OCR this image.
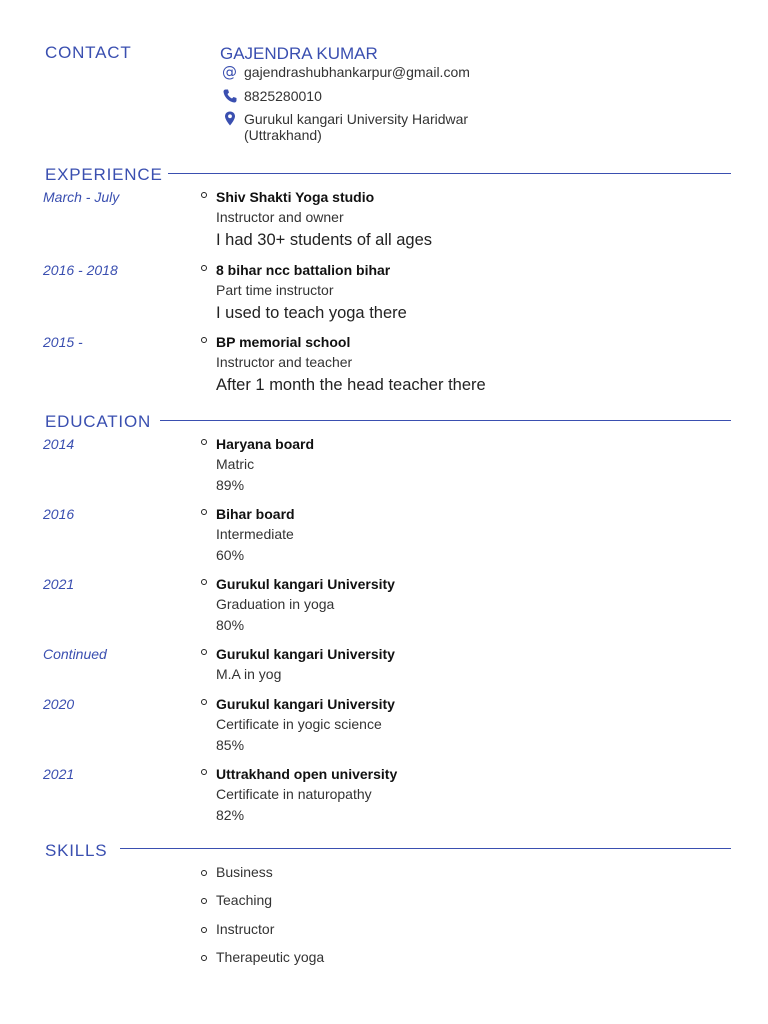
CONTACT	GAJENDRA KUMAR
@ gajendrashubhankarpur@gmail.com
8825280010
Gurukul kangari University Haridwar
(Uttrakhand)
EXPERIENCE
March - July	Shiv Shakti Yoga studio
Instructor and owner
I had 30+ students of all ages
2016 - 2018	8 bihar ncc battalion bihar
Part time instructor
I used to teach yoga there
2015 -	BP memorial school
Instructor and teacher
After 1 month the head teacher there
EDUCATION
2014	Haryana board
Matric
89%
2016	Bihar board
Intermediate
60%
2021	Gurukul kangari University
Graduation in yoga
80%
Continued	Gurukul kangari University
M.A in yog
2020	Gurukul kangari University
Certificate in yogic science
85%
2021	Uttrakhand open university
Certificate in naturopathy
82%
SKILLS
Business
Teaching
Instructor
Therapeutic yoga
